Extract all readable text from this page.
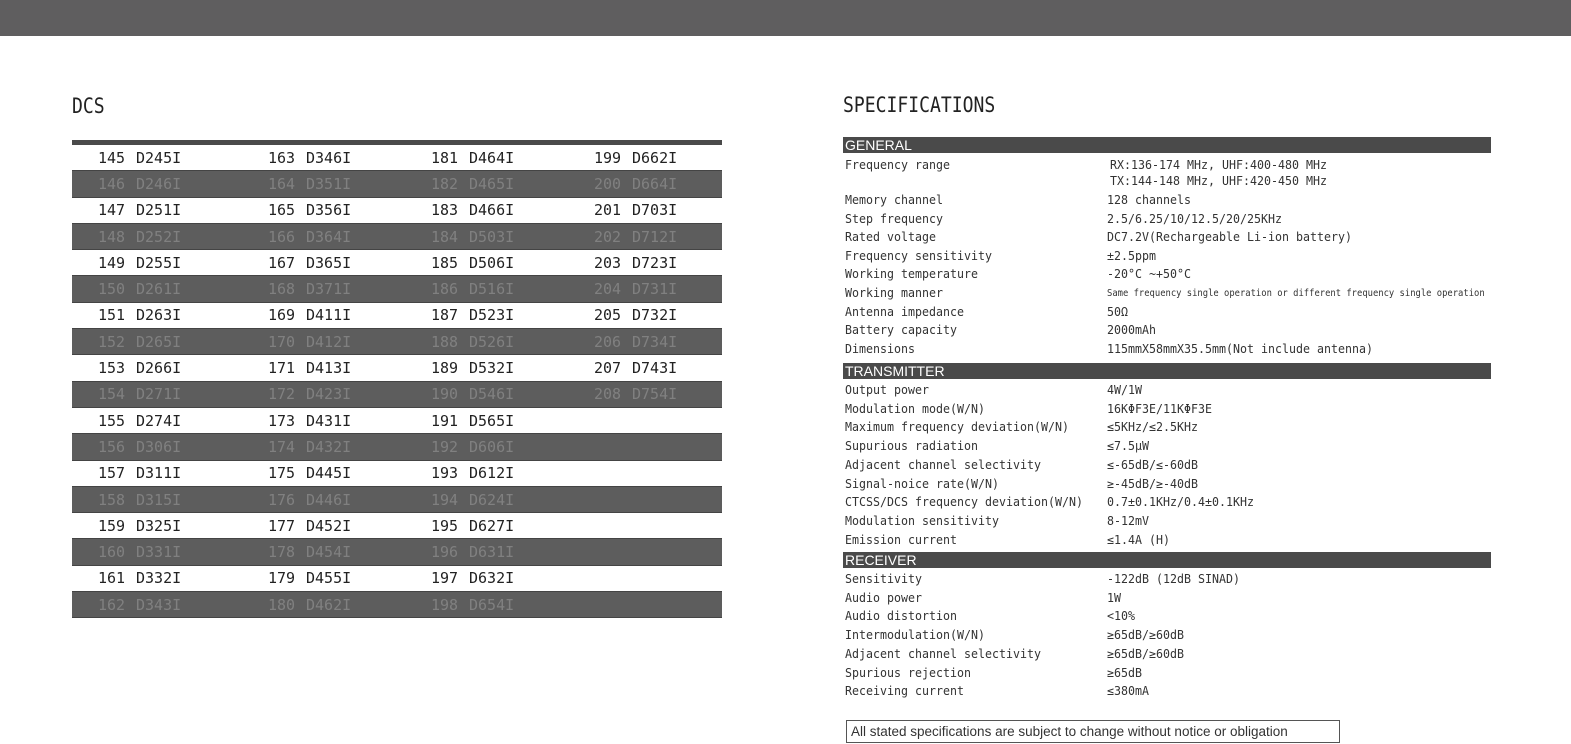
DCS
145 D245I	163 D346I	181 D464I	199 D662I
146 D246I	164 D351I	182 D465I	200 D664I
147 D251I	165 D356I	183 D466I	201 D703I
148 D252I	166 D364I	184 D503I	202 D712I
149 D255I	167 D365I	185 D506I	203 D723I
150 D261I	168 D371I	186 D516I	204 D731I
151 D263I	169 D411I	187 D523I	205 D732I
152 D265I	170 D412I	188 D526I	206 D734I
153 D266I	171 D413I	189 D532I	207 D743I
154 D271I	172 D423I	190 D546I	208 D754I
155 D274I	173 D431I	191 D565I
156 D306I	174 D432I	192 D606I
157 D311I	175 D445I	193 D612I
158 D315I	176 D446I	194 D624I
159 D325I	177 D452I	195 D627I
160 D331I	178 D454I	196 D631I
161 D332I	179 D455I	197 D632I
162 D343I	180 D462I	198 D654I
SPECIFICATIONS
GENERAL
Frequency range	RX:136-174 MHz, UHF:400-480 MHz
TX:144-148 MHz, UHF:420-450 MHz
Memory channel	128 channels
Step frequency	2.5/6.25/10/12.5/20/25KHz
Rated voltage	DC7.2V(Rechargeable Li-ion battery)
Frequency sensitivity	±2.5ppm
Working temperature	-20°C ~+50°C
Working manner	Same frequency single operation or different frequency single operation
Antenna impedance	50Ω
Battery capacity	2000mAh
Dimensions	115mmX58mmX35.5mm(Not include antenna)
TRANSMITTER
Output power	4W/1W
Modulation mode(W/N)	16KΦF3E/11KΦF3E
Maximum frequency deviation(W/N)	≤5KHz/≤2.5KHz
Supurious radiation	≤7.5μW
Adjacent channel selectivity	≤-65dB/≤-60dB
Signal-noice rate(W/N)	≥-45dB/≥-40dB
CTCSS/DCS frequency deviation(W/N) 0.7±0.1KHz/0.4±0.1KHz
Modulation sensitivity	8-12mV
Emission current	≤1.4A (H)
RECEIVER
Sensitivity	-122dB (12dB SINAD)
Audio power	1W
Audio distortion	<10%
Intermodulation(W/N)	≥65dB/≥60dB
Adjacent channel selectivity	≥65dB/≥60dB
Spurious rejection	≥65dB
Receiving current	≤380mA
All stated specifications are subject to change without notice or obligation
